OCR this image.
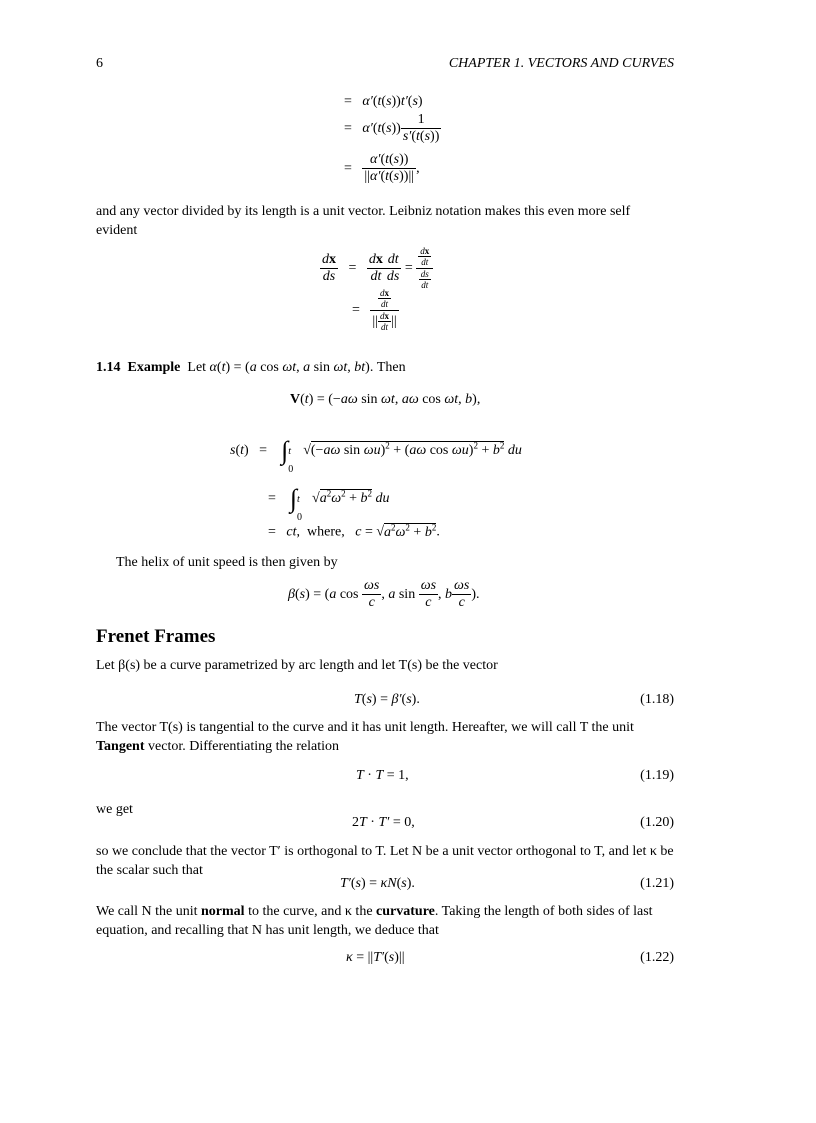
6	CHAPTER 1. VECTORS AND CURVES
=   α′(t(s))t′(s)
=   $\alpha'(t(s)) \frac{1}{s'(t(s))}$
= $\frac{\alpha'(t(s))}{||\alpha'(t(s))||}$ ,

and any vector divided by its length is a unit vector. Leibniz notation makes this even more self evident

$\frac{dx}{ds} = \frac{dx}{dt} \frac{dt}{ds} = \frac{\frac{dx}{dt}}{\frac{ds}{dt}}$
= $\frac{\frac{dx}{dt}}{|| \frac{dx}{dt} ||}$
1.14  Example  Let α(t) = (a cos ωt, a sin ωt, bt). Then
V(t) = (−aω sin ωt, aω cos ωt, b),
s(t)   =    ∫ t
0
√(−aω sin ωu)$^2$ + (aω $\cos \omega u)^2 + b^2$ du
=    ∫ t
0
$√a^2\omega^2 + b^2$ du
=   ct,  where, $c = √a^2\omega^2 + b^2$.

The helix of unit speed is then given by

β(s) = (a $\cos \frac{\omega s}{c}$ , a $\sin \frac{\omega s}{c}$ , b $\frac{\omega s}{c}$ ).
Frenet Frames

Let β(s) be a curve parametrized by arc length and let T(s) be the vector

T(s) = β′(s).	(1.18)

The vector T(s) is tangential to the curve and it has unit length. Hereafter, we will call T the unit Tangent vector. Differentiating the relation

T · T = 1,	(1.19)

we get

2T · T′ = 0,	(1.20)

so we conclude that the vector T′ is orthogonal to T. Let N be a unit vector orthogonal to T, and let κ be the scalar such that

T′(s) = κN(s).	(1.21)

We call N the unit normal to the curve, and κ the curvature. Taking the length of both sides of last equation, and recalling that N has unit length, we deduce that

κ = ||T′(s)||	(1.22)
